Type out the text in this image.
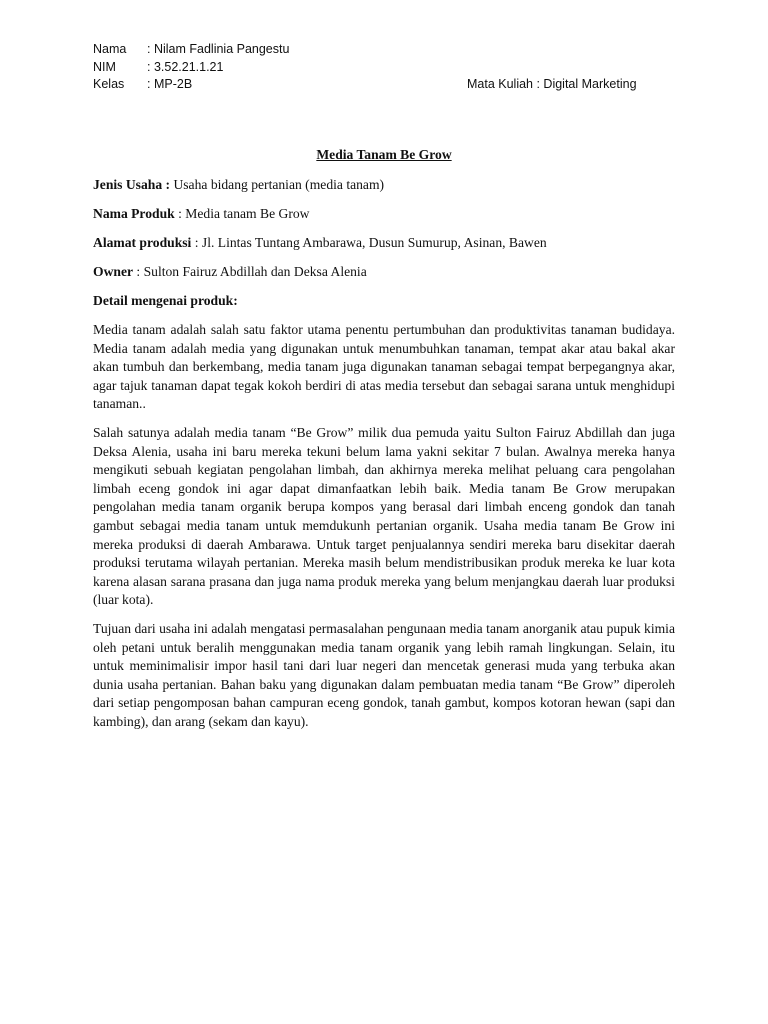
Nama	: Nilam Fadlinia Pangestu
NIM	: 3.52.21.1.21
Kelas	: MP-2B	Mata Kuliah : Digital Marketing
Media Tanam Be Grow
Jenis Usaha : Usaha bidang pertanian (media tanam)
Nama Produk : Media tanam Be Grow
Alamat produksi : Jl. Lintas Tuntang Ambarawa, Dusun Sumurup, Asinan, Bawen
Owner : Sulton Fairuz Abdillah dan Deksa Alenia
Detail mengenai produk:

Media tanam adalah salah satu faktor utama penentu pertumbuhan dan produktivitas tanaman budidaya. Media tanam adalah media yang digunakan untuk menumbuhkan tanaman, tempat akar atau bakal akar akan tumbuh dan berkembang, media tanam juga digunakan tanaman sebagai tempat berpegangnya akar, agar tajuk tanaman dapat tegak kokoh berdiri di atas media tersebut dan sebagai sarana untuk menghidupi tanaman..

Salah satunya adalah media tanam “Be Grow” milik dua pemuda yaitu Sulton Fairuz Abdillah dan juga Deksa Alenia, usaha ini baru mereka tekuni belum lama yakni sekitar 7 bulan. Awalnya mereka hanya mengikuti sebuah kegiatan pengolahan limbah, dan akhirnya mereka melihat peluang cara pengolahan limbah eceng gondok ini agar dapat dimanfaatkan lebih baik. Media tanam Be Grow merupakan pengolahan media tanam organik berupa kompos yang berasal dari limbah enceng gondok dan tanah gambut sebagai media tanam untuk memdukunh pertanian organik. Usaha media tanam Be Grow ini mereka produksi di daerah Ambarawa. Untuk target penjualannya sendiri mereka baru disekitar daerah produksi terutama wilayah pertanian. Mereka masih belum mendistribusikan produk mereka ke luar kota karena alasan sarana prasana dan juga nama produk mereka yang belum menjangkau daerah luar produksi (luar kota).

Tujuan dari usaha ini adalah mengatasi permasalahan pengunaan media tanam anorganik atau pupuk kimia oleh petani untuk beralih menggunakan media tanam organik yang lebih ramah lingkungan. Selain, itu untuk meminimalisir impor hasil tani dari luar negeri dan mencetak generasi muda yang terbuka akan dunia usaha pertanian. Bahan baku yang digunakan dalam pembuatan media tanam “Be Grow” diperoleh dari setiap pengomposan bahan campuran eceng gondok, tanah gambut, kompos kotoran hewan (sapi dan kambing), dan arang (sekam dan kayu).
